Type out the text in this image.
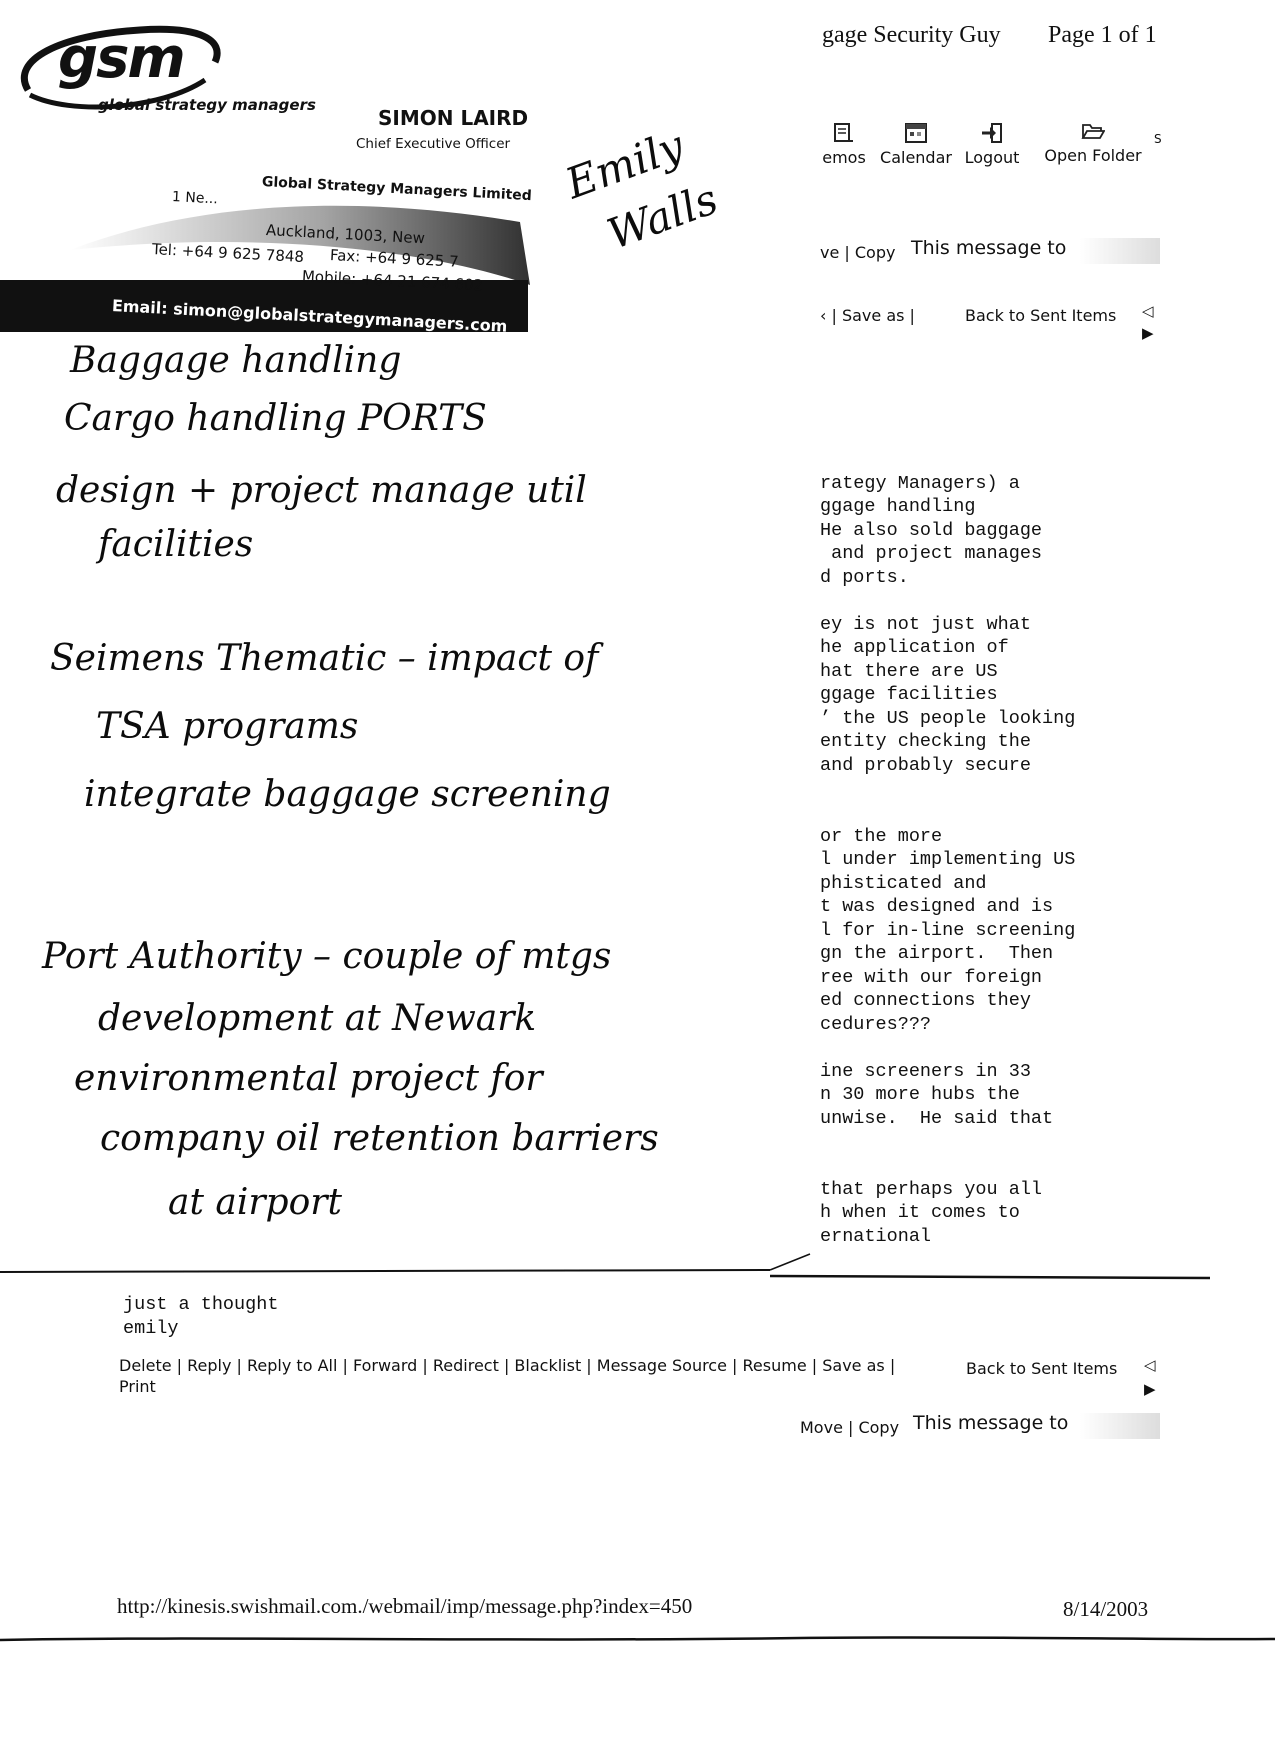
gage Security Guy Page 1 of 1
emos Calendar Logout Open Folder
S
ve | Copy This message to
‹ | Save as |	Back to Sent Items ◁
▶
gsm
global strategy managers
SIMON LAIRD
Chief Executive Officer
Global Strategy Managers Limited
1 Ne...
Auckland, 1003, New
Tel: +64 9 625 7848 Fax: +64 9 625 7
Mobile: +64 21 674 602
Email: simon@globalstrategymanagers.com
Emily
Walls
Baggage handling
Cargo handling PORTS
design + project manage util
facilities
Seimens Thematic – impact of
TSA programs
integrate baggage screening
Port Authority – couple of mtgs
development at Newark
environmental project for
company oil retention barriers
at airport
rategy Managers) a
ggage handling
He also sold baggage
and project manages
d ports.
ey is not just what
he application of
hat there are US
ggage facilities
’ the US people looking
entity checking the
and probably secure
or the more
l under implementing US
phisticated and
t was designed and is
l for in-line screening
gn the airport.  Then
ree with our foreign
ed connections they
cedures???
ine screeners in 33
n 30 more hubs the
unwise.  He said that
that perhaps you all
h when it comes to
ernational
just a thought
emily
Delete | Reply | Reply to All | Forward | Redirect | Blacklist | Message Source | Resume | Save as |
Print
Back to Sent Items ◁
▶
Move | Copy This message to
http://kinesis.swishmail.com./webmail/imp/message.php?index=450	8/14/2003
